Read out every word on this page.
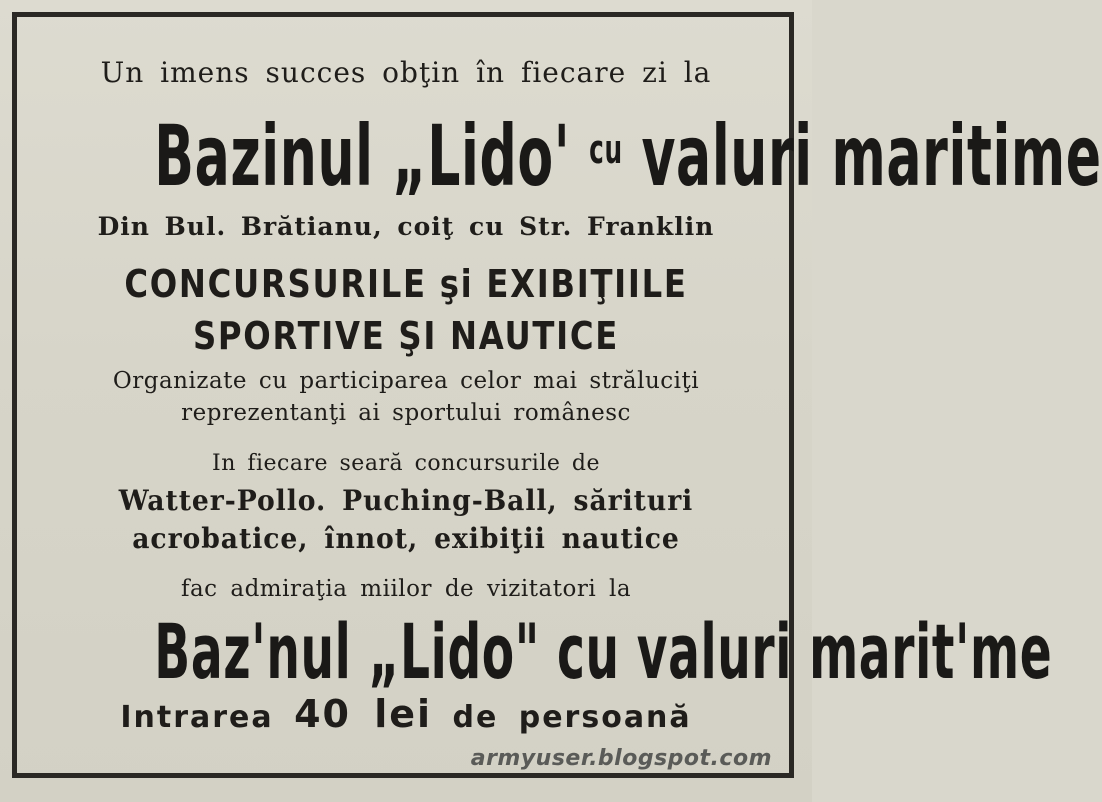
Un imens succes obţin în fiecare zi la
Bazinul „Lido' $^{cu}$ valuri maritime
Din Bul. Brătianu, coiţ cu Str. Franklin
CONCURSURILE şi EXIBIŢIILE
SPORTIVE ŞI NAUTICE
Organizate cu participarea celor mai străluciţi
reprezentanţi ai sportului românesc
In fiecare seară concursurile de
Watter-Pollo. Puching-Ball, sărituri
acrobatice, înnot, exibiţii nautice
fac admiraţia miilor de vizitatori la
Baz'nul „Lido" cu valuri marit'me
Intrarea 40 lei de persoană
armyuser.blogspot.com
